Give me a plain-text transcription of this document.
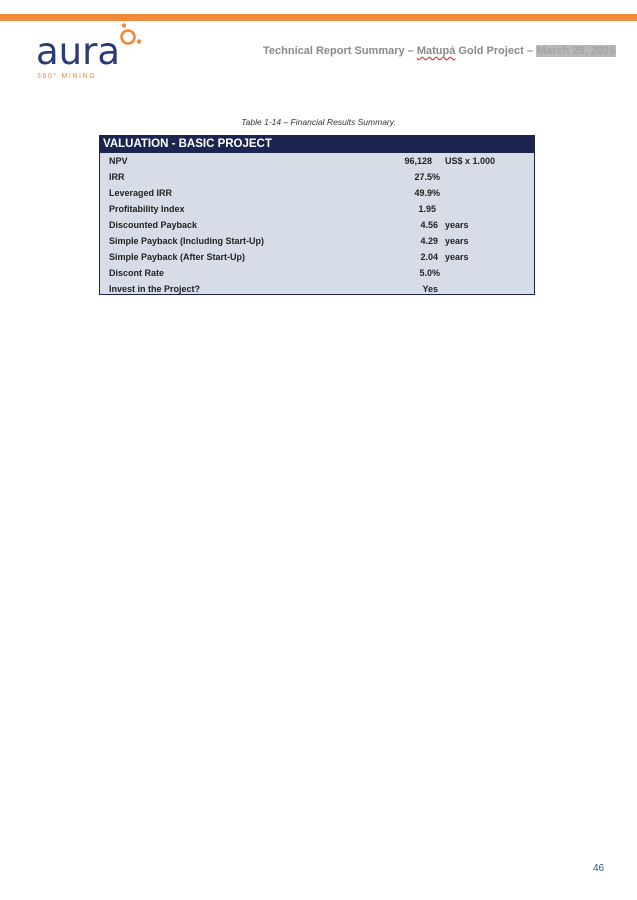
aura
360° MINING
Technical Report Summary – Matupá Gold Project – March 25, 2026
Table 1-14 – Financial Results Summary.
VALUATION - BASIC PROJECT
NPV	96,128 US$ x 1.000
IRR	27.5%
Leveraged IRR	49.9%
Profitability Index	1.95
Discounted Payback	4.56 years
Simple Payback (Including Start-Up)	4.29 years
Simple Payback (After Start-Up)	2.04 years
Discont Rate	5.0%
Invest in the Project?	Yes
46
